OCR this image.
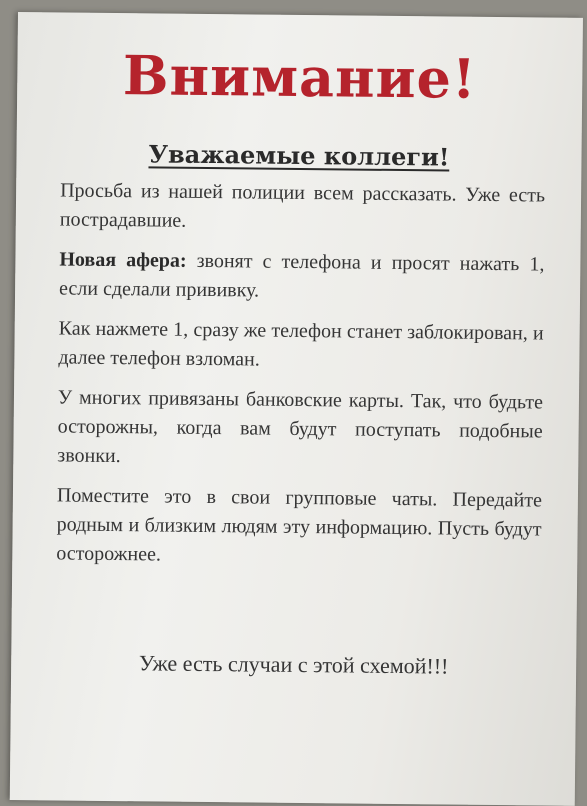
Внимание!
Уважаемые коллеги!

Просьба из нашей полиции всем рассказать. Уже есть пострадавшие.

Новая афера: звонят с телефона и просят нажать 1, если сделали прививку.

Как нажмете 1, сразу же телефон станет заблокирован, и далее телефон взломан.

У многих привязаны банковские карты. Так, что будьте осторожны, когда вам будут поступать подобные звонки.

Поместите это в свои групповые чаты. Передайте родным и близким людям эту информацию. Пусть будут осторожнее.

Уже есть случаи с этой схемой!!!
